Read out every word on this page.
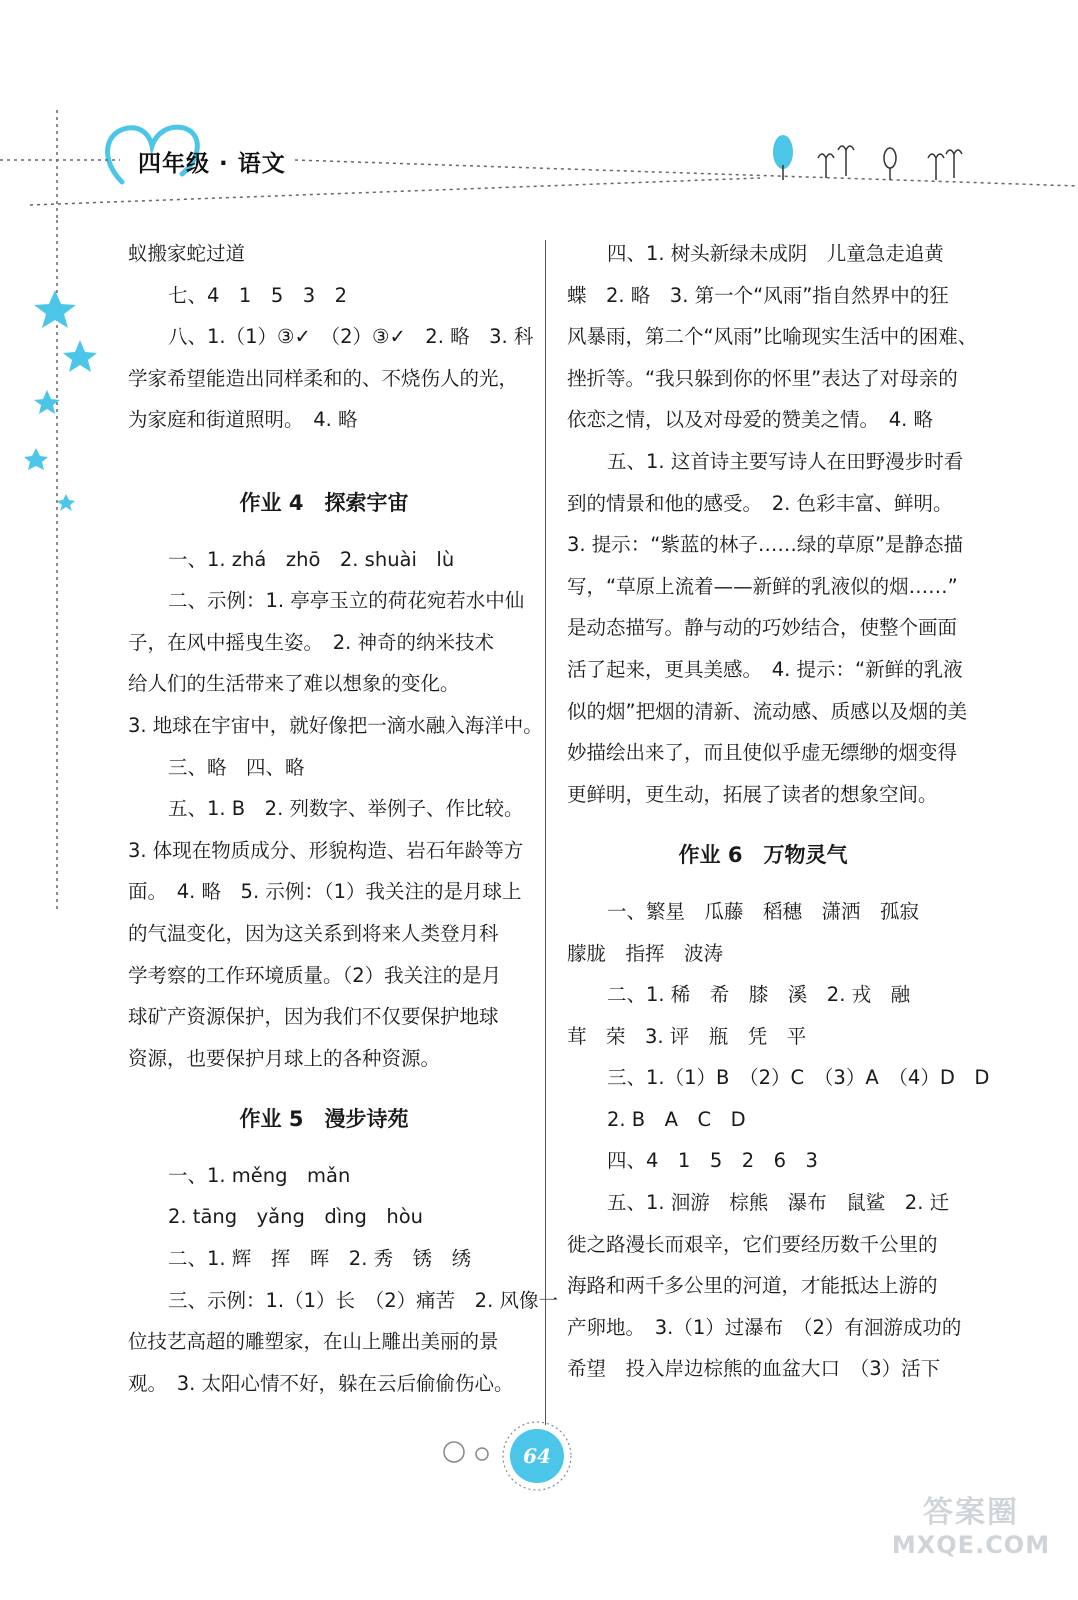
四年级 · 语文

蚁搬家蛇过道

七、4　1　5　3　2

八、1.（1）③✓　（2）③✓　2. 略　3. 科

学家希望能造出同样柔和的、不烧伤人的光，

为家庭和街道照明。　4. 略

作业 4　探索宇宙

一、1. zhá　zhō　2. shuài　lù

二、示例：1. 亭亭玉立的荷花宛若水中仙

子，在风中摇曳生姿。　2. 神奇的纳米技术

给人们的生活带来了难以想象的变化。

3. 地球在宇宙中，就好像把一滴水融入海洋中。

三、略　四、略

五、1. B　2. 列数字、举例子、作比较。

3. 体现在物质成分、形貌构造、岩石年龄等方

面。　4. 略　5. 示例：（1）我关注的是月球上

的气温变化，因为这关系到将来人类登月科

学考察的工作环境质量。（2）我关注的是月

球矿产资源保护，因为我们不仅要保护地球

资源，也要保护月球上的各种资源。

作业 5　漫步诗苑

一、1. měng　mǎn

2. tāng　yǎng　dìng　hòu

二、1. 辉　挥　晖　2. 秀　锈　绣

三、示例：1.（1）长　（2）痛苦　2. 风像一

位技艺高超的雕塑家，在山上雕出美丽的景

观。　3. 太阳心情不好，躲在云后偷偷伤心。

四、1. 树头新绿未成阴　儿童急走追黄

蝶　2. 略　3. 第一个“风雨”指自然界中的狂

风暴雨，第二个“风雨”比喻现实生活中的困难、

挫折等。“我只躲到你的怀里”表达了对母亲的

依恋之情，以及对母爱的赞美之情。　4. 略

五、1. 这首诗主要写诗人在田野漫步时看

到的情景和他的感受。　2. 色彩丰富、鲜明。

3. 提示：“紫蓝的林子……绿的草原”是静态描

写，“草原上流着——新鲜的乳液似的烟……”

是动态描写。静与动的巧妙结合，使整个画面

活了起来，更具美感。　4. 提示：“新鲜的乳液

似的烟”把烟的清新、流动感、质感以及烟的美

妙描绘出来了，而且使似乎虚无缥缈的烟变得

更鲜明，更生动，拓展了读者的想象空间。

作业 6　万物灵气

一、繁星　瓜藤　稻穗　潇洒　孤寂

朦胧　指挥　波涛

二、1. 稀　希　膝　溪　2. 戎　融

茸　荣　3. 评　瓶　凭　平

三、1.（1）B　（2）C　（3）A　（4）D　D

2. B　A　C　D

四、4　1　5　2　6　3

五、1. 洄游　棕熊　瀑布　鼠鲨　2. 迁

徙之路漫长而艰辛，它们要经历数千公里的

海路和两千多公里的河道，才能抵达上游的

产卵地。　3.（1）过瀑布　（2）有洄游成功的

希望　投入岸边棕熊的血盆大口　（3）活下

64
答案圈
MXQE.COM
